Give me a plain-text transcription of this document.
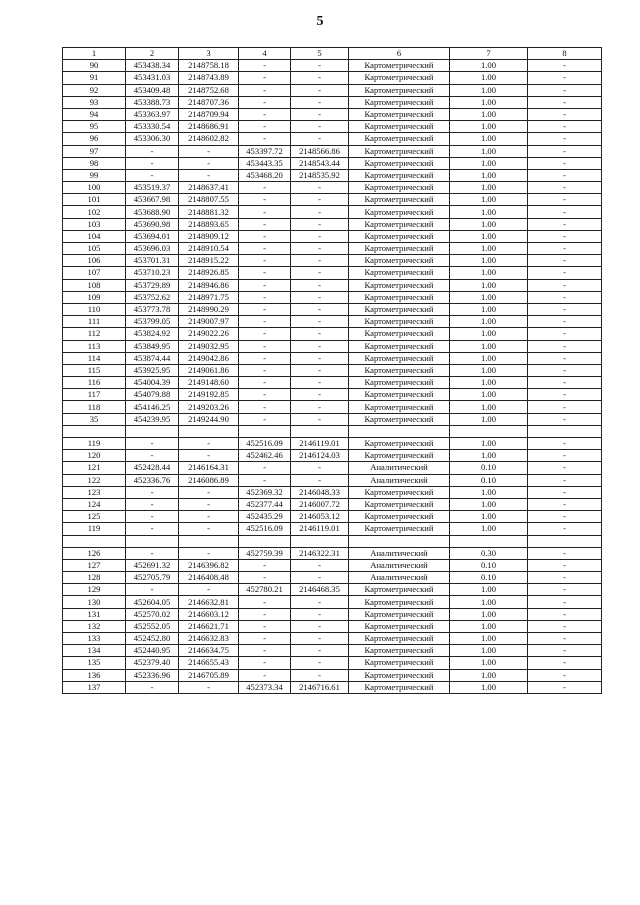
5
1	2	3	4	5	6	7	8
90	453438.34	2148758.18	-	-	Картометрический	1.00	-
91	453431.03	2148743.89	-	-	Картометрический	1.00	-
92	453409.48	2148752.68	-	-	Картометрический	1.00	-
93	453388.73	2148707.36	-	-	Картометрический	1.00	-
94	453363.97	2148709.94	-	-	Картометрический	1.00	-
95	453330.54	2148686.91	-	-	Картометрический	1.00	-
96	453306.30	2148602.82	-	-	Картометрический	1.00	-
97	-	-	453397.72	2148566.86	Картометрический	1.00	-
98	-	-	453443.35	2148543.44	Картометрический	1.00	-
99	-	-	453468.20	2148535.92	Картометрический	1.00	-
100	453519.37	2148637.41	-	-	Картометрический	1.00	-
101	453667.98	2148807.55	-	-	Картометрический	1.00	-
102	453688.90	2148881.32	-	-	Картометрический	1.00	-
103	453690.98	2148893.65	-	-	Картометрический	1.00	-
104	453694.01	2148909.12	-	-	Картометрический	1.00	-
105	453696.03	2148910.54	-	-	Картометрический	1.00	-
106	453701.31	2148915.22	-	-	Картометрический	1.00	-
107	453710.23	2148926.85	-	-	Картометрический	1.00	-
108	453729.89	2148946.86	-	-	Картометрический	1.00	-
109	453752.62	2148971.75	-	-	Картометрический	1.00	-
110	453773.78	2148990.29	-	-	Картометрический	1.00	-
111	453799.05	2149007.97	-	-	Картометрический	1.00	-
112	453824.92	2149022.26	-	-	Картометрический	1.00	-
113	453849.95	2149032.95	-	-	Картометрический	1.00	-
114	453874.44	2149042.86	-	-	Картометрический	1.00	-
115	453925.95	2149061.86	-	-	Картометрический	1.00	-
116	454004.39	2149148.60	-	-	Картометрический	1.00	-
117	454079.88	2149192.85	-	-	Картометрический	1.00	-
118	454146.25	2149203.26	-	-	Картометрический	1.00	-
35	454239.95	2149244.90	-	-	Картометрический	1.00	-

119	-	-	452516.09	2146119.01	Картометрический	1.00	-
120	-	-	452462.46	2146124.03	Картометрический	1.00	-
121	452428.44	2146164.31	-	-	Аналитический	0.10	-
122	452336.76	2146086.89	-	-	Аналитический	0.10	-
123	-	-	452369.32	2146048.33	Картометрический	1.00	-
124	-	-	452377.44	2146007.72	Картометрический	1.00	-
125	-	-	452435.29	2146053.12	Картометрический	1.00	-
119	-	-	452516.09	2146119.01	Картометрический	1.00	-

126	-	-	452759.39	2146322.31	Аналитический	0.30	-
127	452691.32	2146396.82	-	-	Аналитический	0.10	-
128	452705.79	2146408.48	-	-	Аналитический	0.10	-
129	-	-	452780.21	2146468.35	Картометрический	1.00	-
130	452604.05	2146632.81	-	-	Картометрический	1.00	-
131	452570.02	2146603.12	-	-	Картометрический	1.00	-
132	452552.05	2146621.71	-	-	Картометрический	1.00	-
133	452452.80	2146632.83	-	-	Картометрический	1.00	-
134	452440.95	2146634.75	-	-	Картометрический	1.00	-
135	452379.40	2146655.43	-	-	Картометрический	1.00	-
136	452336.96	2146705.89	-	-	Картометрический	1.00	-
137	-	-	452373.34	2146716.61	Картометрический	1.00	-
